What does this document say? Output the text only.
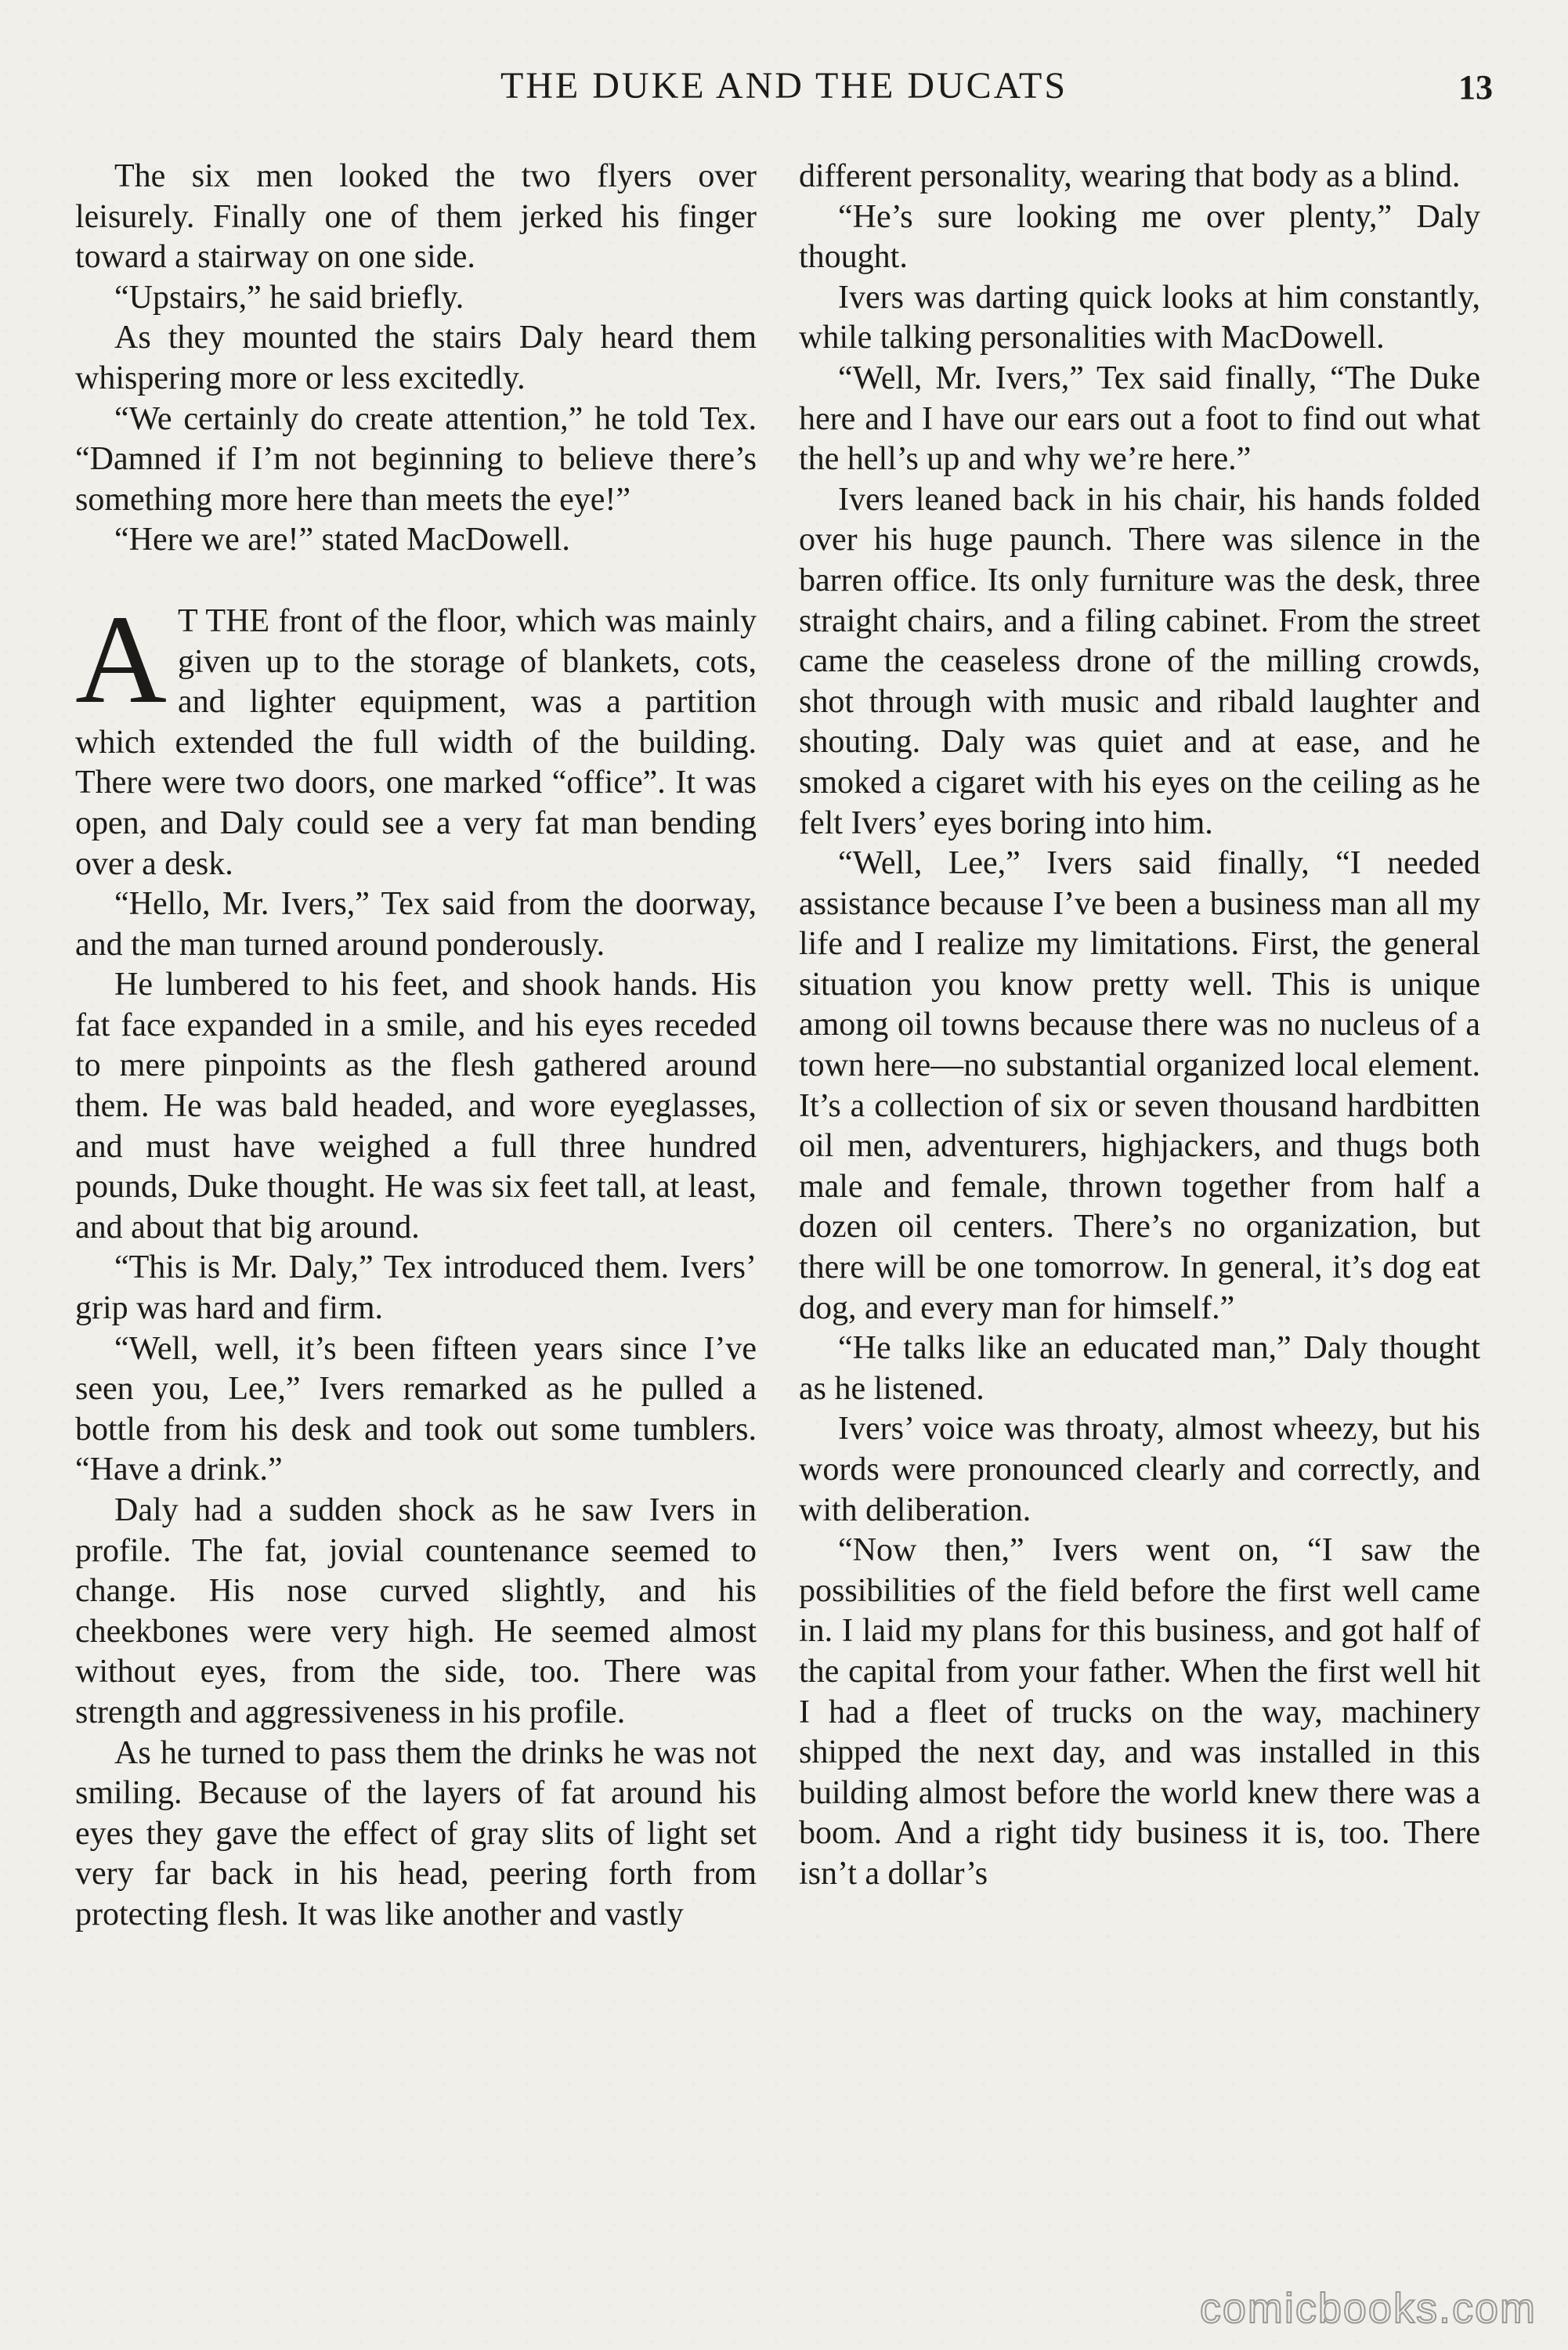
THE DUKE AND THE DUCATS	13

The six men looked the two flyers over leisurely. Finally one of them jerked his finger toward a stairway on one side.

“Upstairs,” he said briefly.

As they mounted the stairs Daly heard them whispering more or less excitedly.

“We certainly do create attention,” he told Tex. “Damned if I’m not beginning to believe there’s something more here than meets the eye!”

“Here we are!” stated MacDowell.

A T THE front of the floor, which was mainly given up to the storage of blankets, cots, and lighter equipment, was a partition which extended the full width of the building. There were two doors, one marked “office”. It was open, and Daly could see a very fat man bending over a desk.

“Hello, Mr. Ivers,” Tex said from the doorway, and the man turned around ponderously.

He lumbered to his feet, and shook hands. His fat face expanded in a smile, and his eyes receded to mere pinpoints as the flesh gathered around them. He was bald headed, and wore eyeglasses, and must have weighed a full three hundred pounds, Duke thought. He was six feet tall, at least, and about that big around.

“This is Mr. Daly,” Tex introduced them. Ivers’ grip was hard and firm.

“Well, well, it’s been fifteen years since I’ve seen you, Lee,” Ivers remarked as he pulled a bottle from his desk and took out some tumblers. “Have a drink.”

Daly had a sudden shock as he saw Ivers in profile. The fat, jovial countenance seemed to change. His nose curved slightly, and his cheekbones were very high. He seemed almost without eyes, from the side, too. There was strength and aggressiveness in his profile.

As he turned to pass them the drinks he was not smiling. Because of the layers of fat around his eyes they gave the effect of gray slits of light set very far back in his head, peering forth from protecting flesh. It was like another and vastly

different personality, wearing that body as a blind.

“He’s sure looking me over plenty,” Daly thought.

Ivers was darting quick looks at him constantly, while talking personalities with MacDowell.

“Well, Mr. Ivers,” Tex said finally, “The Duke here and I have our ears out a foot to find out what the hell’s up and why we’re here.”

Ivers leaned back in his chair, his hands folded over his huge paunch. There was silence in the barren office. Its only furniture was the desk, three straight chairs, and a filing cabinet. From the street came the ceaseless drone of the milling crowds, shot through with music and ribald laughter and shouting. Daly was quiet and at ease, and he smoked a cigaret with his eyes on the ceiling as he felt Ivers’ eyes boring into him.

“Well, Lee,” Ivers said finally, “I needed assistance because I’ve been a business man all my life and I realize my limitations. First, the general situation you know pretty well. This is unique among oil towns because there was no nucleus of a town here—no substantial organized local element. It’s a collection of six or seven thousand hardbitten oil men, adventurers, highjackers, and thugs both male and female, thrown together from half a dozen oil centers. There’s no organization, but there will be one tomorrow. In general, it’s dog eat dog, and every man for himself.”

“He talks like an educated man,” Daly thought as he listened.

Ivers’ voice was throaty, almost wheezy, but his words were pronounced clearly and correctly, and with deliberation.

“Now then,” Ivers went on, “I saw the possibilities of the field before the first well came in. I laid my plans for this business, and got half of the capital from your father. When the first well hit I had a fleet of trucks on the way, machinery shipped the next day, and was installed in this building almost before the world knew there was a boom. And a right tidy business it is, too. There isn’t a dollar’s

comicbooks.com
